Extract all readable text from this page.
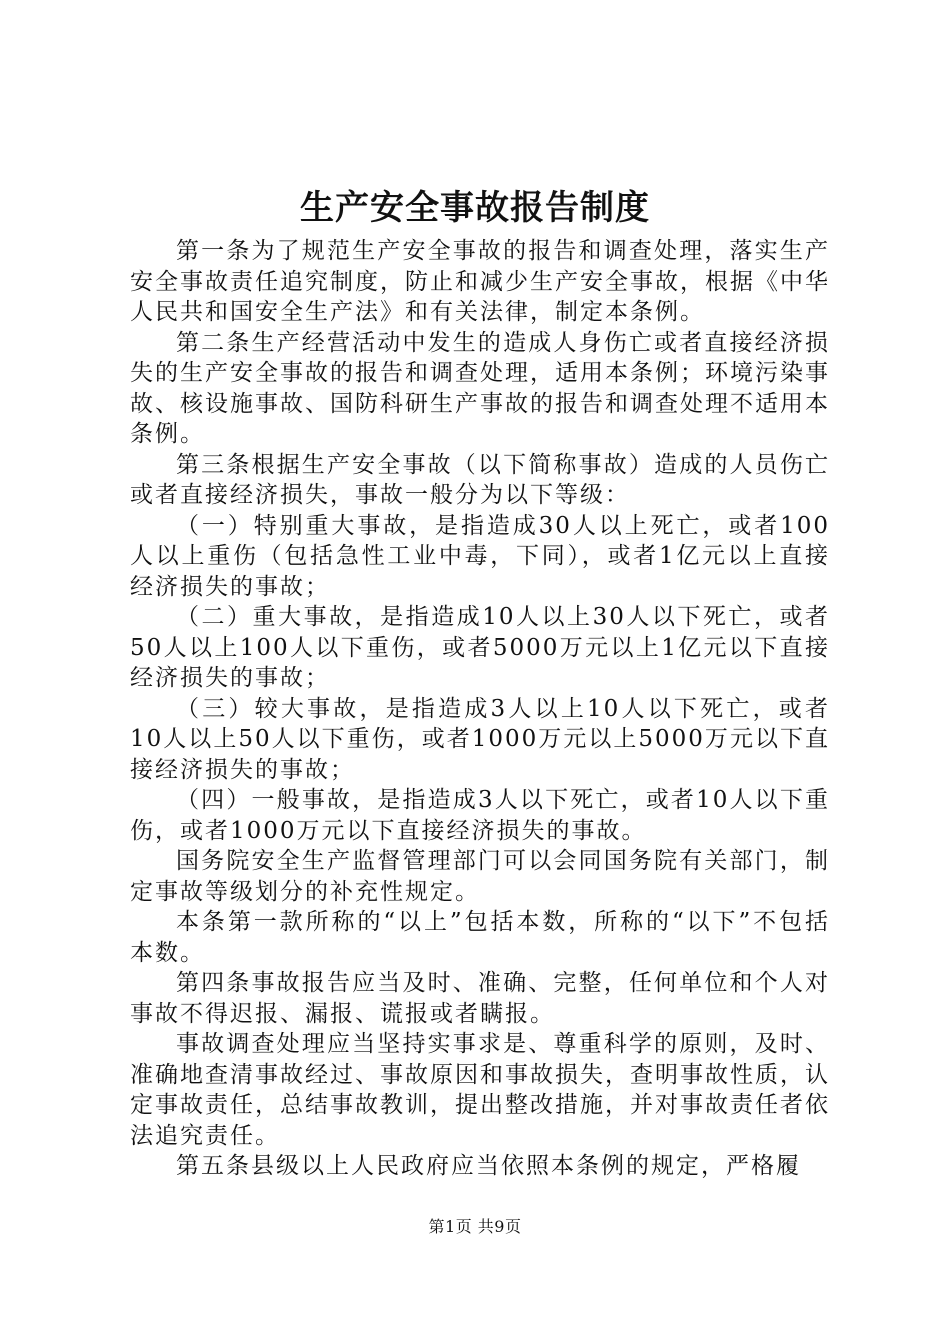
生产安全事故报告制度

第一条为了规范生产安全事故的报告和调查处理，落实生产安全事故责任追究制度，防止和减少生产安全事故，根据《中华人民共和国安全生产法》和有关法律，制定本条例。

第二条生产经营活动中发生的造成人身伤亡或者直接经济损失的生产安全事故的报告和调查处理，适用本条例；环境污染事故、核设施事故、国防科研生产事故的报告和调查处理不适用本条例。

第三条根据生产安全事故（以下简称事故）造成的人员伤亡或者直接经济损失，事故一般分为以下等级：

（一）特别重大事故，是指造成30人以上死亡，或者100人以上重伤（包括急性工业中毒，下同），或者1亿元以上直接经济损失的事故；

（二）重大事故，是指造成10人以上30人以下死亡，或者50人以上100人以下重伤，或者5000万元以上1亿元以下直接经济损失的事故；

（三）较大事故，是指造成3人以上10人以下死亡，或者10人以上50人以下重伤，或者1000万元以上5000万元以下直接经济损失的事故；

（四）一般事故，是指造成3人以下死亡，或者10人以下重伤，或者1000万元以下直接经济损失的事故。

国务院安全生产监督管理部门可以会同国务院有关部门，制定事故等级划分的补充性规定。

本条第一款所称的“以上”包括本数，所称的“以下”不包括本数。

第四条事故报告应当及时、准确、完整，任何单位和个人对事故不得迟报、漏报、谎报或者瞒报。

事故调查处理应当坚持实事求是、尊重科学的原则，及时、准确地查清事故经过、事故原因和事故损失，查明事故性质，认定事故责任，总结事故教训，提出整改措施，并对事故责任者依法追究责任。

第五条县级以上人民政府应当依照本条例的规定，严格履

第1页 共9页
